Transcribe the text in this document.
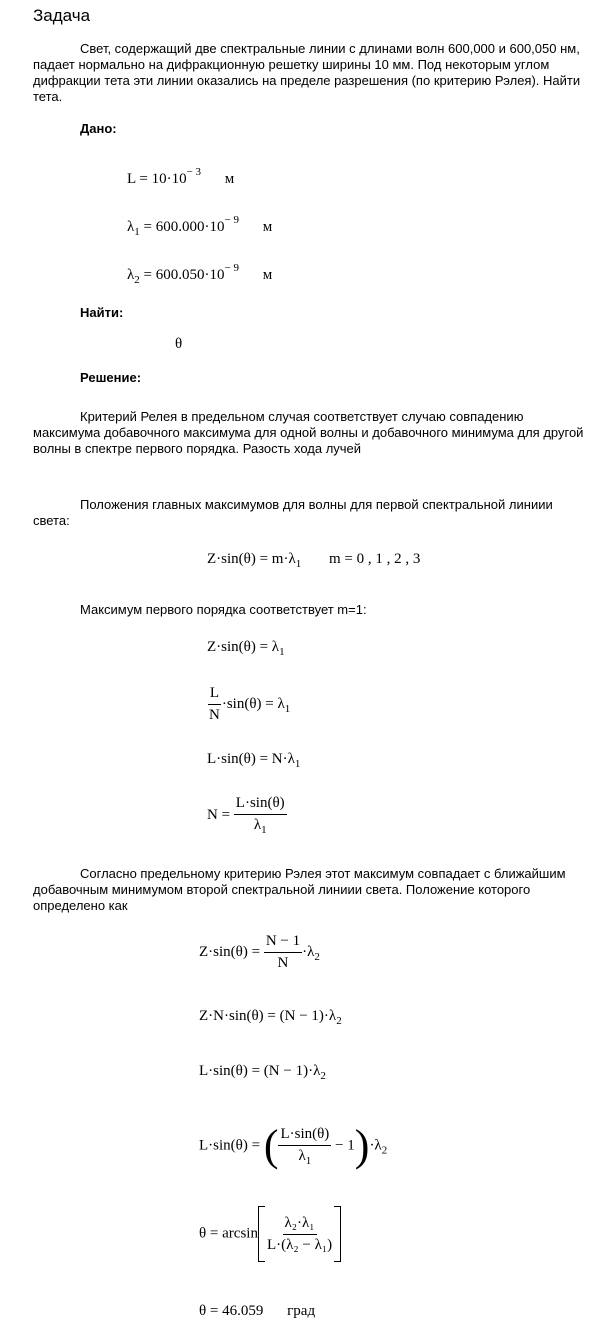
Задача
Свет, содержащий две спектральные линии с длинами волн 600,000 и 600,050 нм, падает нормально на дифракционную решетку ширины 10 мм. Под некоторым углом дифракции тета эти линии оказались на пределе разрешения (по критерию Рэлея). Найти тета.
Дано:
$L = 10\cdot 10^{- 3}$ м
$\lambda_1 = 600.000\cdot 10^{- 9}$ м
$\lambda_2 = 600.050\cdot 10^{- 9}$ м
Найти:
θ
Решение:
Критерий Релея в предельном случая соответствует случаю совпадению максимума добавочного максимума для одной волны и добавочного минимума для другой волны в спектре первого порядка. Разость хода лучей
Положения главных максимумов для волны для первой спектральной линиии света:
$Z\cdot\sin(\theta) = m\cdot\lambda_1$ m = 0 , 1 , 2 , 3
Максимум первого порядка соответствует m=1:
$Z\cdot\sin(\theta) = \lambda_1$
$\frac{L}{N} \cdot\sin(\theta) = \lambda_1$
$L\cdot\sin(\theta) = N\cdot\lambda_1$
$N = \frac{L\cdot\sin(\theta)}{\lambda_1}$
Согласно предельному критерию Рэлея этот максимум совпадает с ближайшим добавочным минимумом второй спектральной линиии света. Положение которого определено как
$Z\cdot\sin(\theta) = \frac{N - 1}{N} \cdot\lambda_2$
$Z\cdot N\cdot\sin(\theta) = (N - 1)\cdot\lambda_2$
$L\cdot\sin(\theta) = (N - 1)\cdot\lambda_2$
L·sin(θ) = ( $\frac{L\cdot\sin(\theta)}{\lambda_1} - 1)\cdot\lambda_2$
$\theta = \arcsin \frac{\text{λ₂·λ₁}}{\text{L·(λ₂ − λ₁)}}$
θ = 46.059 град
